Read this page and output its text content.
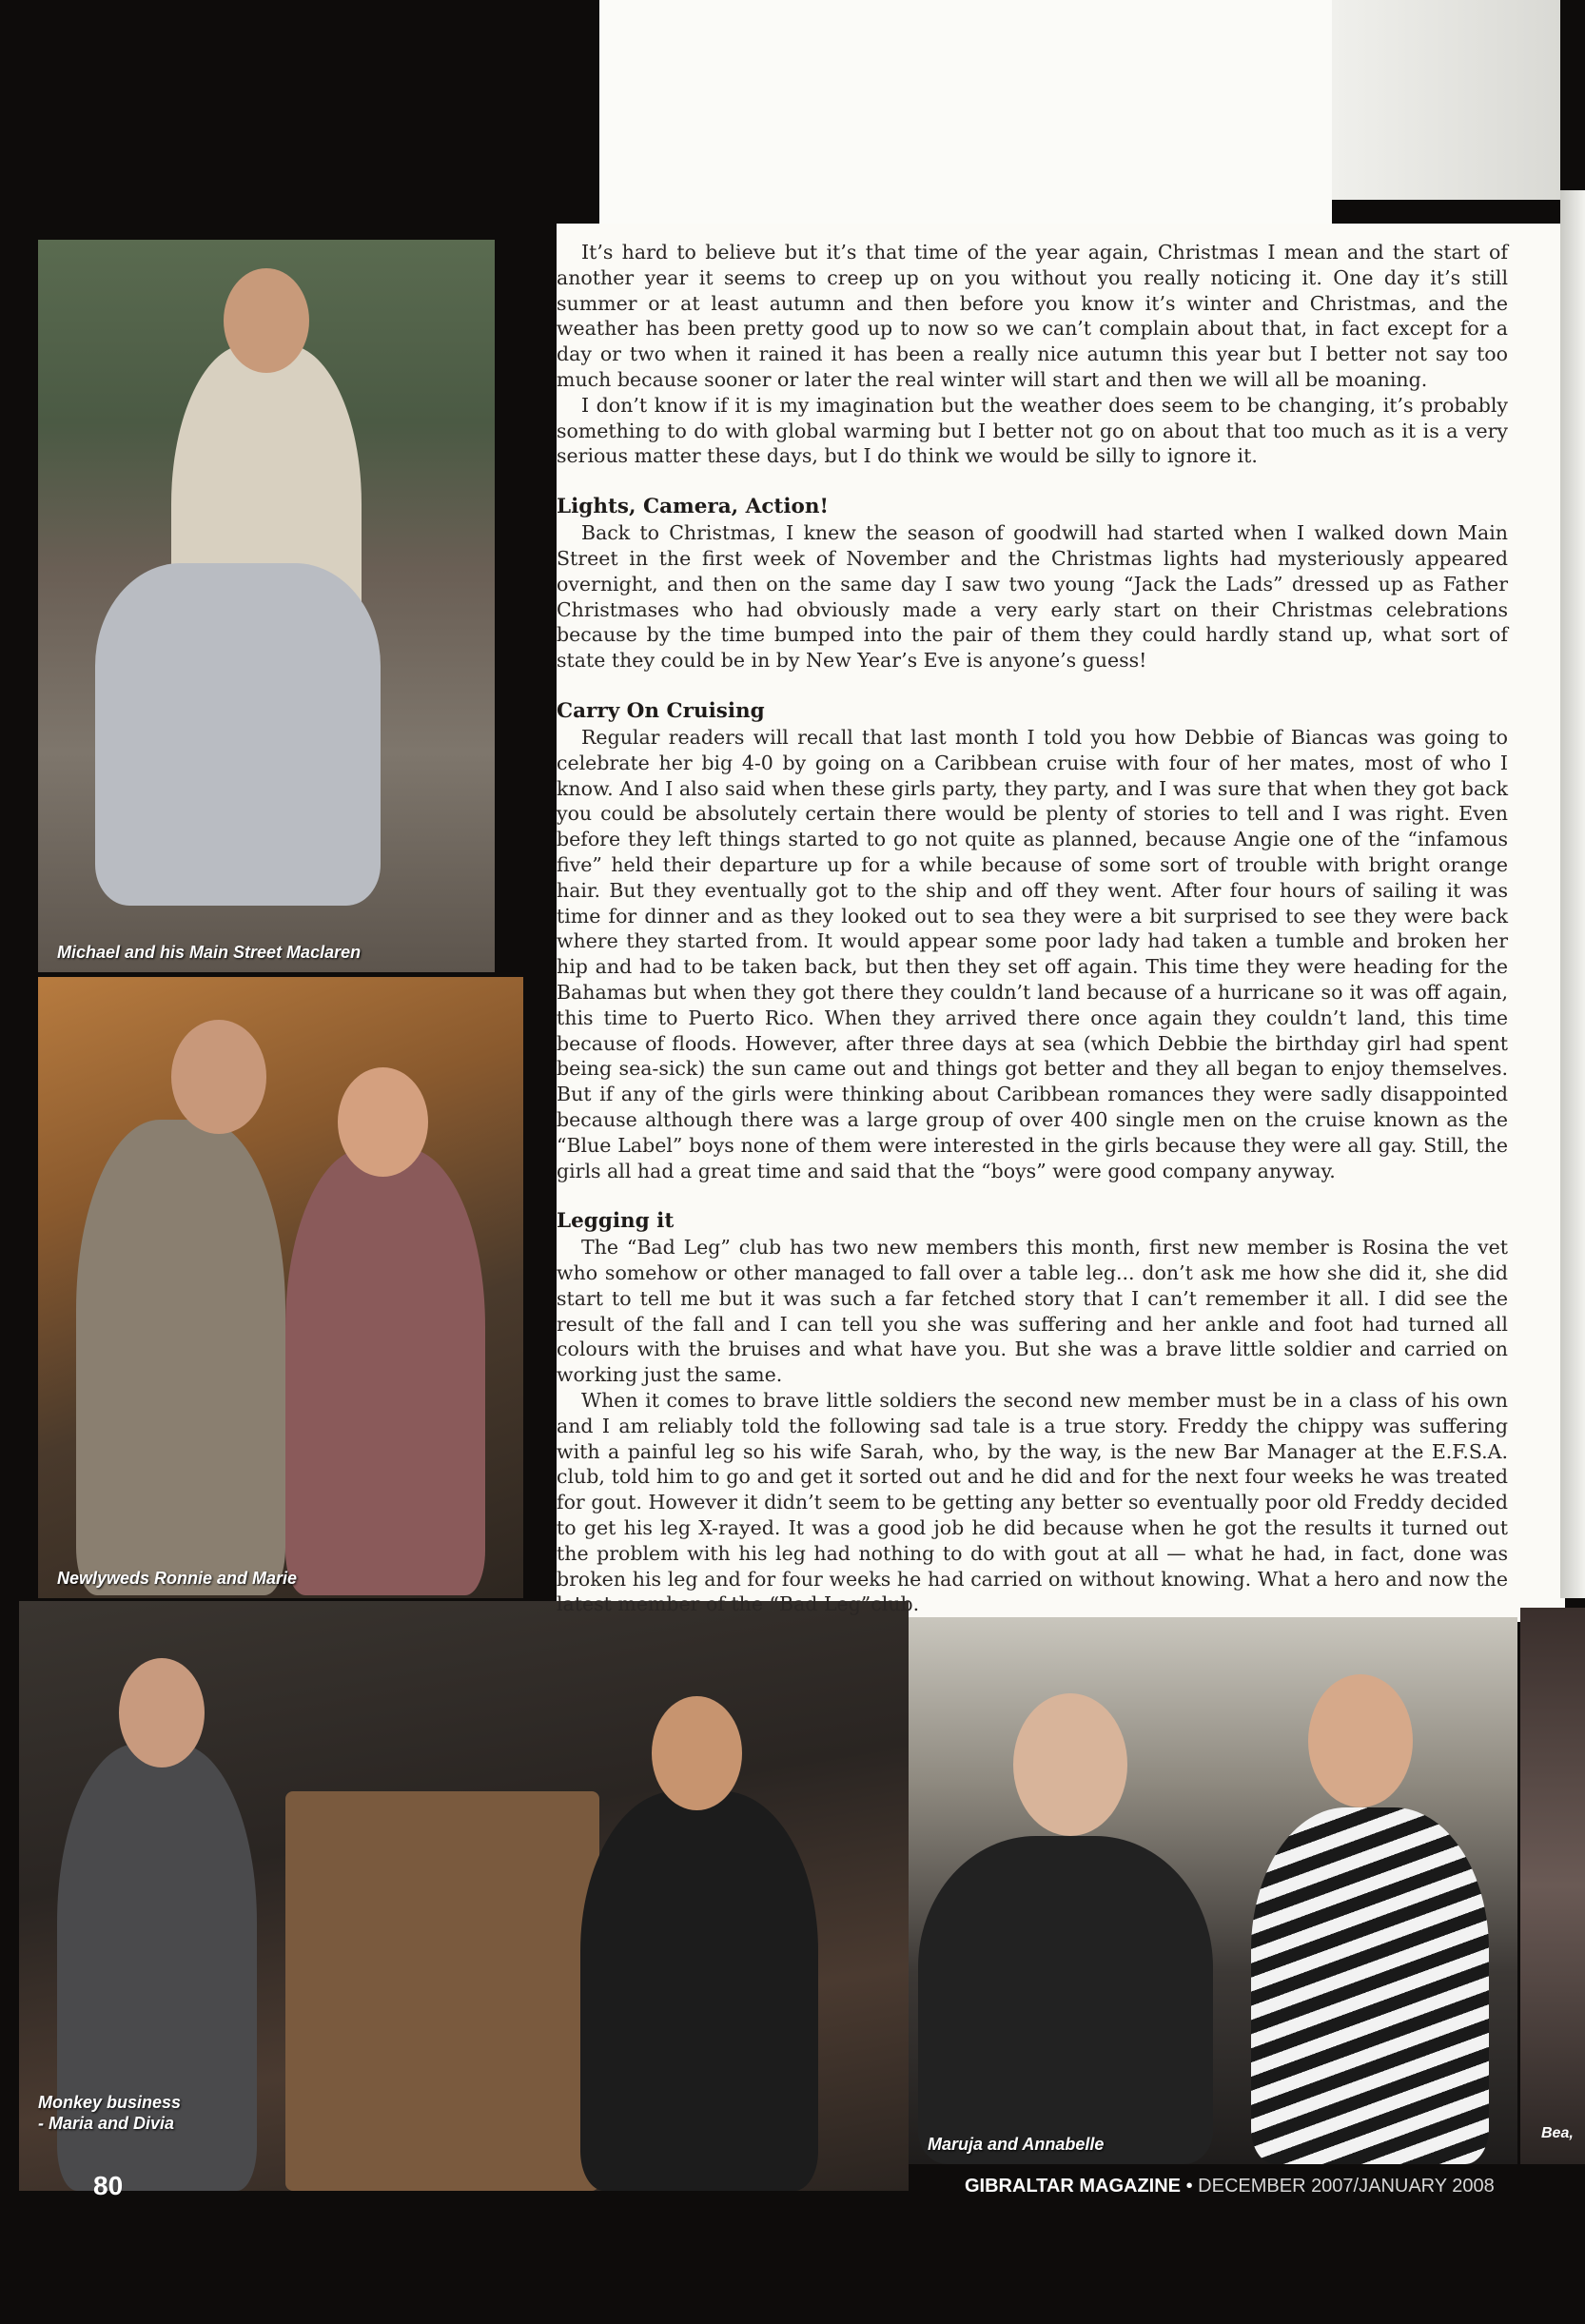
Michael and his Main Street Maclaren
Newlyweds Ronnie and Marie
Monkey business
- Maria and Divia
Maruja and Annabelle
Bea,

It’s hard to believe but it’s that time of the year again, Christmas I mean and the start of another year it seems to creep up on you without you really noticing it. One day it’s still summer or at least autumn and then before you know it’s winter and Christmas, and the weather has been pretty good up to now so we can’t complain about that, in fact except for a day or two when it rained it has been a really nice autumn this year but I better not say too much because sooner or later the real winter will start and then we will all be moaning.

I don’t know if it is my imagination but the weather does seem to be changing, it’s probably something to do with global warming but I better not go on about that too much as it is a very serious matter these days, but I do think we would be silly to ignore it.

Lights, Camera, Action!

Back to Christmas, I knew the season of goodwill had started when I walked down Main Street in the first week of November and the Christmas lights had mysteriously appeared overnight, and then on the same day I saw two young “Jack the Lads” dressed up as Father Christmases who had obviously made a very early start on their Christmas celebrations because by the time bumped into the pair of them they could hardly stand up, what sort of state they could be in by New Year’s Eve is anyone’s guess!

Carry On Cruising

Regular readers will recall that last month I told you how Debbie of Biancas was going to celebrate her big 4-0 by going on a Caribbean cruise with four of her mates, most of who I know. And I also said when these girls party, they party, and I was sure that when they got back you could be absolutely certain there would be plenty of stories to tell and I was right. Even before they left things started to go not quite as planned, because Angie one of the “infamous five” held their departure up for a while because of some sort of trouble with bright orange hair. But they eventually got to the ship and off they went. After four hours of sailing it was time for dinner and as they looked out to sea they were a bit surprised to see they were back where they started from. It would appear some poor lady had taken a tumble and broken her hip and had to be taken back, but then they set off again. This time they were heading for the Bahamas but when they got there they couldn’t land because of a hurricane so it was off again, this time to Puerto Rico. When they arrived there once again they couldn’t land, this time because of floods. However, after three days at sea (which Debbie the birthday girl had spent being sea-sick) the sun came out and things got better and they all began to enjoy themselves. But if any of the girls were thinking about Caribbean romances they were sadly disappointed because although there was a large group of over 400 single men on the cruise known as the “Blue Label” boys none of them were interested in the girls because they were all gay. Still, the girls all had a great time and said that the “boys” were good company anyway.

Legging it

The “Bad Leg” club has two new members this month, first new member is Rosina the vet who somehow or other managed to fall over a table leg... don’t ask me how she did it, she did start to tell me but it was such a far fetched story that I can’t remember it all. I did see the result of the fall and I can tell you she was suffering and her ankle and foot had turned all colours with the bruises and what have you. But she was a brave little soldier and carried on working just the same.

When it comes to brave little soldiers the second new member must be in a class of his own and I am reliably told the following sad tale is a true story. Freddy the chippy was suffering with a painful leg so his wife Sarah, who, by the way, is the new Bar Manager at the E.F.S.A. club, told him to go and get it sorted out and he did and for the next four weeks he was treated for gout. However it didn’t seem to be getting any better so eventually poor old Freddy decided to get his leg X-rayed. It was a good job he did because when he got the results it turned out the problem with his leg had nothing to do with gout at all — what he had, in fact, done was broken his leg and for four weeks he had carried on without knowing. What a hero and now the latest member of the “Bad Leg”club.

80	GIBRALTAR MAGAZINE • DECEMBER 2007/JANUARY 2008
